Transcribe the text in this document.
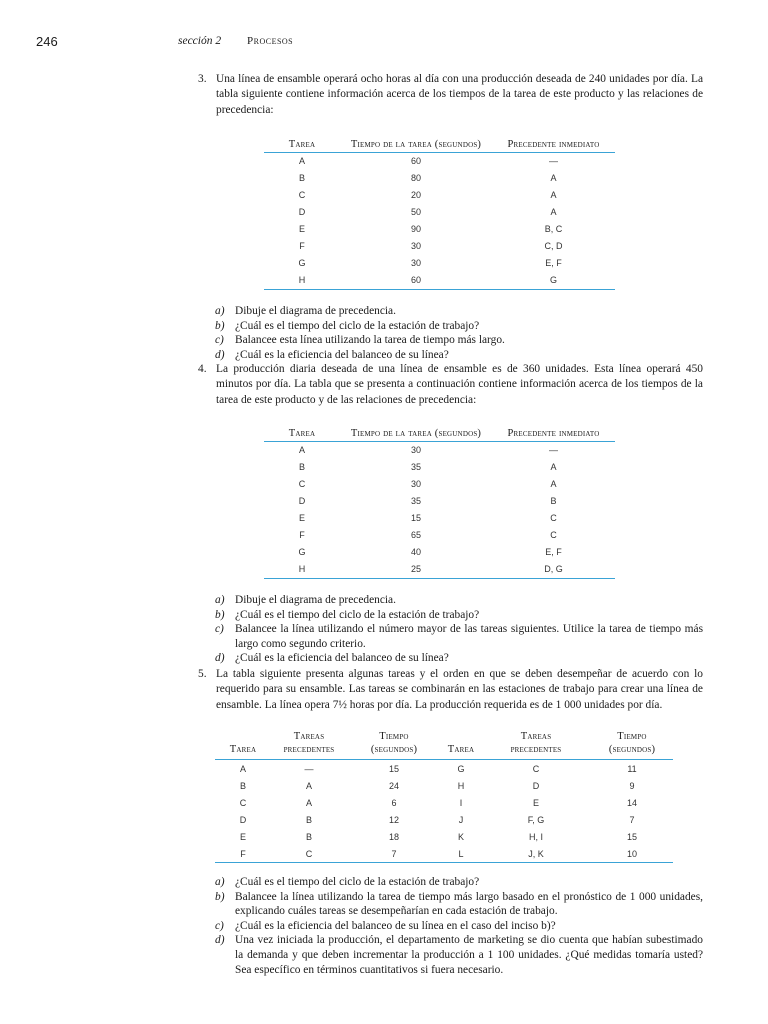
246	sección 2 Procesos
3. Una línea de ensamble operará ocho horas al día con una producción deseada de 240 unidades por día. La tabla siguiente contiene información acerca de los tiempos de la tarea de este producto y las relaciones de precedencia:
Tarea	Tiempo de la tarea (segundos)	Precedente inmediato
A	60	—
B	80	A
C	20	A
D	50	A
E	90	B, C
F	30	C, D
G	30	E, F
H	60	G
a) Dibuje el diagrama de precedencia.
b) ¿Cuál es el tiempo del ciclo de la estación de trabajo?
c) Balancee esta línea utilizando la tarea de tiempo más largo.
d) ¿Cuál es la eficiencia del balanceo de su línea?
4. La producción diaria deseada de una línea de ensamble es de 360 unidades. Esta línea operará 450 minutos por día. La tabla que se presenta a continuación contiene información acerca de los tiempos de la tarea de este producto y de las relaciones de precedencia:
Tarea	Tiempo de la tarea (segundos)	Precedente inmediato
A	30	—
B	35	A
C	30	A
D	35	B
E	15	C
F	65	C
G	40	E, F
H	25	D, G
a) Dibuje el diagrama de precedencia.
b) ¿Cuál es el tiempo del ciclo de la estación de trabajo?
c) Balancee la línea utilizando el número mayor de las tareas siguientes. Utilice la tarea de tiempo más largo como segundo criterio.
d) ¿Cuál es la eficiencia del balanceo de su línea?
5. La tabla siguiente presenta algunas tareas y el orden en que se deben desempeñar de acuerdo con lo requerido para su ensamble. Las tareas se combinarán en las estaciones de trabajo para crear una línea de ensamble. La línea opera 7½ horas por día. La producción requerida es de 1 000 unidades por día.
	Tareas	Tiempo		Tareas	Tiempo
Tarea	precedentes	(segundos)	Tarea	precedentes	(segundos)
A	—	15	G	C	11
B	A	24	H	D	9
C	A	6	I	E	14
D	B	12	J	F, G	7
E	B	18	K	H, I	15
F	C	7	L	J, K	10
a) ¿Cuál es el tiempo del ciclo de la estación de trabajo?
b) Balancee la línea utilizando la tarea de tiempo más largo basado en el pronóstico de 1 000 unidades, explicando cuáles tareas se desempeñarían en cada estación de trabajo.
c) ¿Cuál es la eficiencia del balanceo de su línea en el caso del inciso b)?
d) Una vez iniciada la producción, el departamento de marketing se dio cuenta que habían subestimado la demanda y que deben incrementar la producción a 1 100 unidades. ¿Qué medidas tomaría usted? Sea específico en términos cuantitativos si fuera necesario.
